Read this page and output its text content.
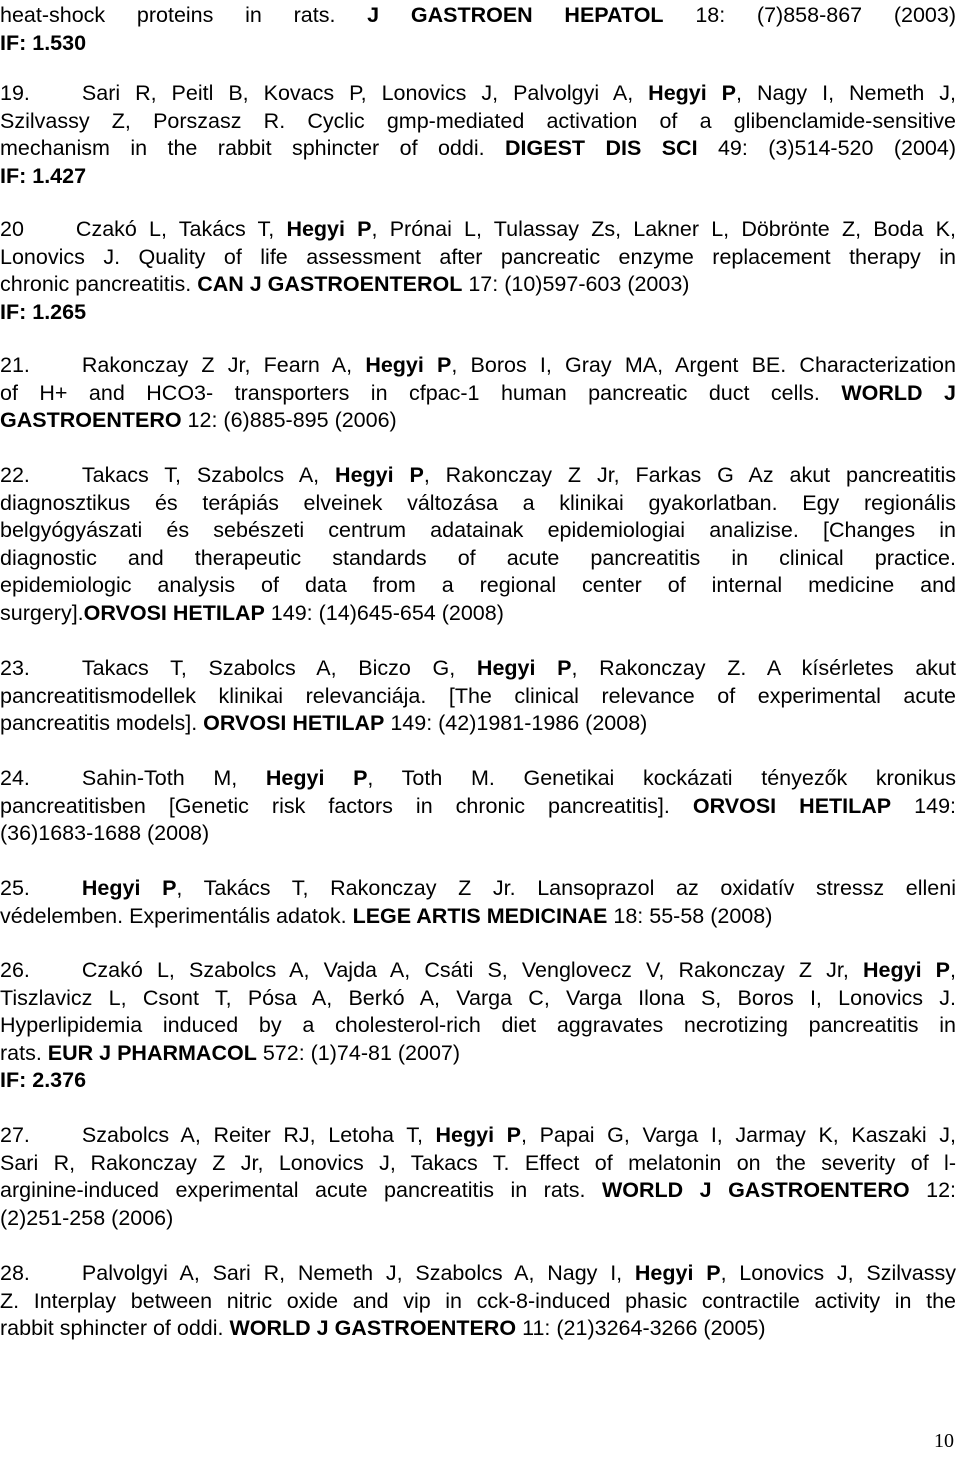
heat-shock proteins in rats. J GASTROEN HEPATOL 18: (7)858-867 (2003)
IF: 1.530
19. Sari R, Peitl B, Kovacs P, Lonovics J, Palvolgyi A, Hegyi P, Nagy I, Nemeth J,
Szilvassy Z, Porszasz R. Cyclic gmp-mediated activation of a glibenclamide-sensitive
mechanism in the rabbit sphincter of oddi. DIGEST DIS SCI 49: (3)514-520 (2004)
IF: 1.427
20 Czakó L, Takács T, Hegyi P, Prónai L, Tulassay Zs, Lakner L, Döbrönte Z, Boda K,
Lonovics J. Quality of life assessment after pancreatic enzyme replacement therapy in
chronic pancreatitis. CAN J GASTROENTEROL 17: (10)597-603 (2003)
IF: 1.265
21. Rakonczay Z Jr, Fearn A, Hegyi P, Boros I, Gray MA, Argent BE. Characterization
of H+ and HCO3- transporters in cfpac-1 human pancreatic duct cells. WORLD J
GASTROENTERO 12: (6)885-895 (2006)
22. Takacs T, Szabolcs A, Hegyi P, Rakonczay Z Jr, Farkas G Az akut pancreatitis
diagnosztikus és terápiás elveinek változása a klinikai gyakorlatban. Egy regionális
belgyógyászati és sebészeti centrum adatainak epidemiologiai analizise. [Changes in
diagnostic and therapeutic standards of acute pancreatitis in clinical practice.
epidemiologic analysis of data from a regional center of internal medicine and
surgery].ORVOSI HETILAP 149: (14)645-654 (2008)
23. Takacs T, Szabolcs A, Biczo G, Hegyi P, Rakonczay Z. A kísérletes akut
pancreatitismodellek klinikai relevanciája. [The clinical relevance of experimental acute
pancreatitis models]. ORVOSI HETILAP 149: (42)1981-1986 (2008)
24. Sahin-Toth M, Hegyi P, Toth M. Genetikai kockázati tényezők kronikus
pancreatitisben [Genetic risk factors in chronic pancreatitis]. ORVOSI HETILAP 149:
(36)1683-1688 (2008)
25. Hegyi P, Takács T, Rakonczay Z Jr. Lansoprazol az oxidatív stressz elleni
védelemben. Experimentális adatok. LEGE ARTIS MEDICINAE 18: 55-58 (2008)
26. Czakó L, Szabolcs A, Vajda A, Csáti S, Venglovecz V, Rakonczay Z Jr, Hegyi P,
Tiszlavicz L, Csont T, Pósa A, Berkó A, Varga C, Varga Ilona S, Boros I, Lonovics J.
Hyperlipidemia induced by a cholesterol-rich diet aggravates necrotizing pancreatitis in
rats. EUR J PHARMACOL 572: (1)74-81 (2007)
IF: 2.376
27. Szabolcs A, Reiter RJ, Letoha T, Hegyi P, Papai G, Varga I, Jarmay K, Kaszaki J,
Sari R, Rakonczay Z Jr, Lonovics J, Takacs T. Effect of melatonin on the severity of l-
arginine-induced experimental acute pancreatitis in rats. WORLD J GASTROENTERO 12:
(2)251-258 (2006)
28. Palvolgyi A, Sari R, Nemeth J, Szabolcs A, Nagy I, Hegyi P, Lonovics J, Szilvassy
Z. Interplay between nitric oxide and vip in cck-8-induced phasic contractile activity in the
rabbit sphincter of oddi. WORLD J GASTROENTERO 11: (21)3264-3266 (2005)
10
